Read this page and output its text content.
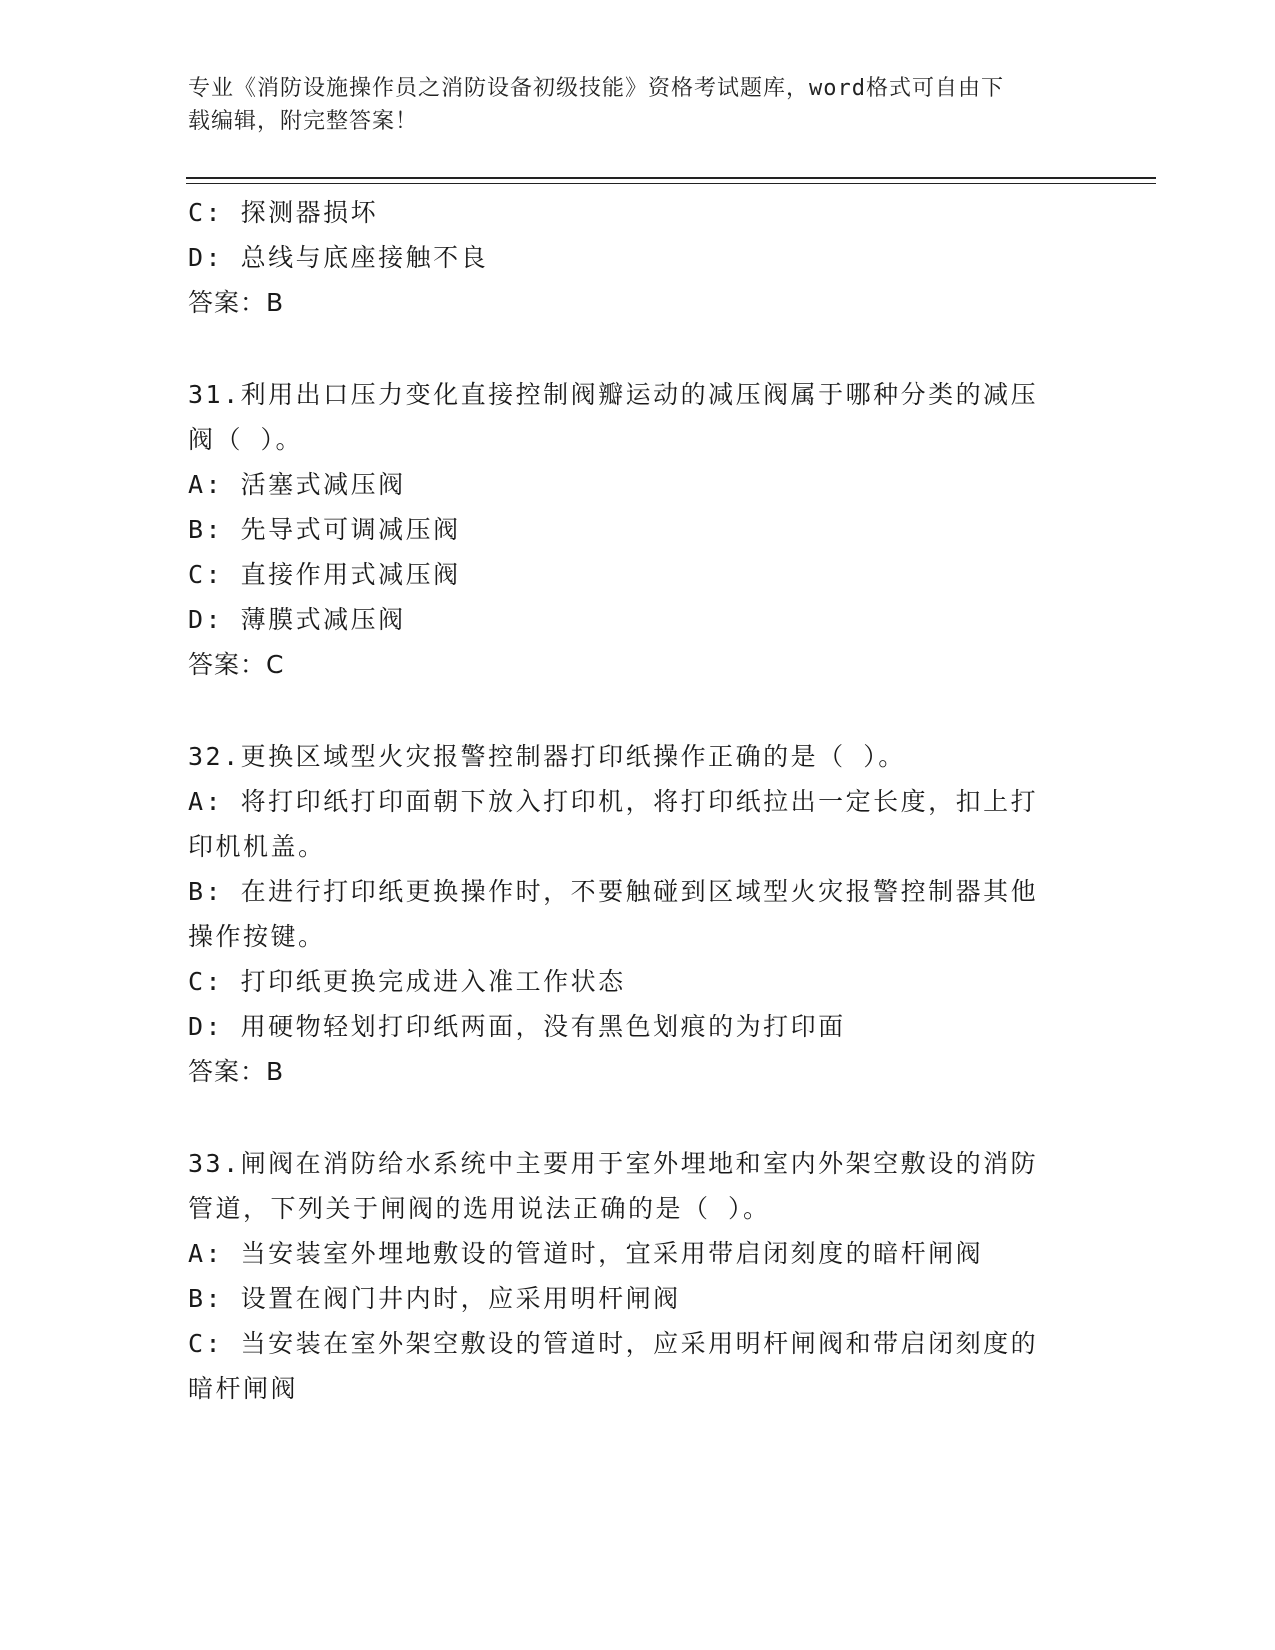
专业《消防设施操作员之消防设备初级技能》资格考试题库，word格式可自由下
载编辑，附完整答案！
C: 探测器损坏
D: 总线与底座接触不良
答案：B
31.利用出口压力变化直接控制阀瓣运动的减压阀属于哪种分类的减压
阀（ ）。
A: 活塞式减压阀
B: 先导式可调减压阀
C: 直接作用式减压阀
D: 薄膜式减压阀
答案：C
32.更换区域型火灾报警控制器打印纸操作正确的是（ ）。
A: 将打印纸打印面朝下放入打印机，将打印纸拉出一定长度，扣上打
印机机盖。
B: 在进行打印纸更换操作时，不要触碰到区域型火灾报警控制器其他
操作按键。
C: 打印纸更换完成进入准工作状态
D: 用硬物轻划打印纸两面，没有黑色划痕的为打印面
答案：B
33.闸阀在消防给水系统中主要用于室外埋地和室内外架空敷设的消防
管道，下列关于闸阀的选用说法正确的是（ ）。
A: 当安装室外埋地敷设的管道时，宜采用带启闭刻度的暗杆闸阀
B: 设置在阀门井内时，应采用明杆闸阀
C: 当安装在室外架空敷设的管道时，应采用明杆闸阀和带启闭刻度的
暗杆闸阀
